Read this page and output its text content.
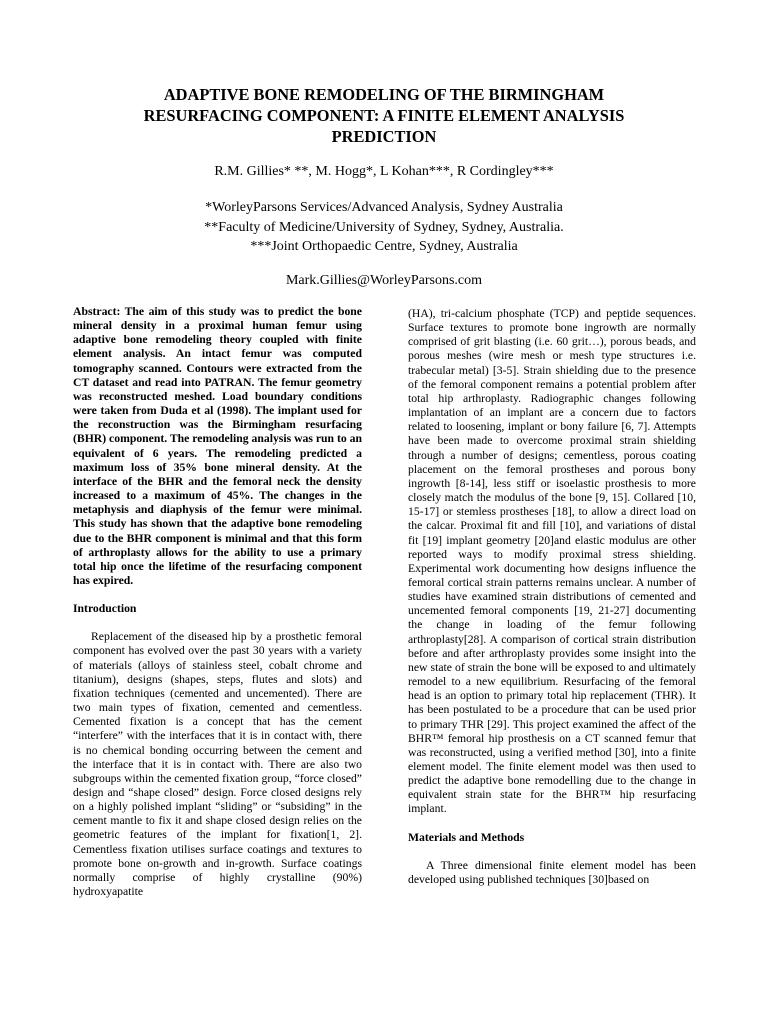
ADAPTIVE BONE REMODELING OF THE BIRMINGHAM
RESURFACING COMPONENT: A FINITE ELEMENT ANALYSIS
PREDICTION
R.M. Gillies* **, M. Hogg*, L Kohan***, R Cordingley***
*WorleyParsons Services/Advanced Analysis, Sydney Australia
**Faculty of Medicine/University of Sydney, Sydney, Australia.
***Joint Orthopaedic Centre, Sydney, Australia
Mark.Gillies@WorleyParsons.com

Abstract: The aim of this study was to predict the bone mineral density in a proximal human femur using adaptive bone remodeling theory coupled with finite element analysis. An intact femur was computed tomography scanned. Contours were extracted from the CT dataset and read into PATRAN. The femur geometry was reconstructed meshed. Load boundary conditions were taken from Duda et al (1998). The implant used for the reconstruction was the Birmingham resurfacing (BHR) component. The remodeling analysis was run to an equivalent of 6 years. The remodeling predicted a maximum loss of 35% bone mineral density. At the interface of the BHR and the femoral neck the density increased to a maximum of 45%. The changes in the metaphysis and diaphysis of the femur were minimal. This study has shown that the adaptive bone remodeling due to the BHR component is minimal and that this form of arthroplasty allows for the ability to use a primary total hip once the lifetime of the resurfacing component has expired.

Introduction

Replacement of the diseased hip by a prosthetic femoral component has evolved over the past 30 years with a variety of materials (alloys of stainless steel, cobalt chrome and titanium), designs (shapes, steps, flutes and slots) and fixation techniques (cemented and uncemented). There are two main types of fixation, cemented and cementless. Cemented fixation is a concept that has the cement “interfere” with the interfaces that it is in contact with, there is no chemical bonding occurring between the cement and the interface that it is in contact with. There are also two subgroups within the cemented fixation group, “force closed” design and “shape closed” design. Force closed designs rely on a highly polished implant “sliding” or “subsiding” in the cement mantle to fix it and shape closed design relies on the geometric features of the implant for fixation[1, 2]. Cementless fixation utilises surface coatings and textures to promote bone on-growth and in-growth. Surface coatings normally comprise of highly crystalline (90%) hydroxyapatite

(HA), tri-calcium phosphate (TCP) and peptide sequences. Surface textures to promote bone ingrowth are normally comprised of grit blasting (i.e. 60 grit…), porous beads, and porous meshes (wire mesh or mesh type structures i.e. trabecular metal) [3-5]. Strain shielding due to the presence of the femoral component remains a potential problem after total hip arthroplasty. Radiographic changes following implantation of an implant are a concern due to factors related to loosening, implant or bony failure [6, 7]. Attempts have been made to overcome proximal strain shielding through a number of designs; cementless, porous coating placement on the femoral prostheses and porous bony ingrowth [8-14], less stiff or isoelastic prosthesis to more closely match the modulus of the bone [9, 15]. Collared [10, 15-17] or stemless prostheses [18], to allow a direct load on the calcar. Proximal fit and fill [10], and variations of distal fit [19] implant geometry [20]and elastic modulus are other reported ways to modify proximal stress shielding. Experimental work documenting how designs influence the femoral cortical strain patterns remains unclear. A number of studies have examined strain distributions of cemented and uncemented femoral components [19, 21-27] documenting the change in loading of the femur following arthroplasty[28]. A comparison of cortical strain distribution before and after arthroplasty provides some insight into the new state of strain the bone will be exposed to and ultimately remodel to a new equilibrium. Resurfacing of the femoral head is an option to primary total hip replacement (THR). It has been postulated to be a procedure that can be used prior to primary THR [29]. This project examined the affect of the BHR™ femoral hip prosthesis on a CT scanned femur that was reconstructed, using a verified method [30], into a finite element model. The finite element model was then used to predict the adaptive bone remodelling due to the change in equivalent strain state for the BHR™ hip resurfacing implant.

Materials and Methods

A Three dimensional finite element model has been developed using published techniques [30]based on
